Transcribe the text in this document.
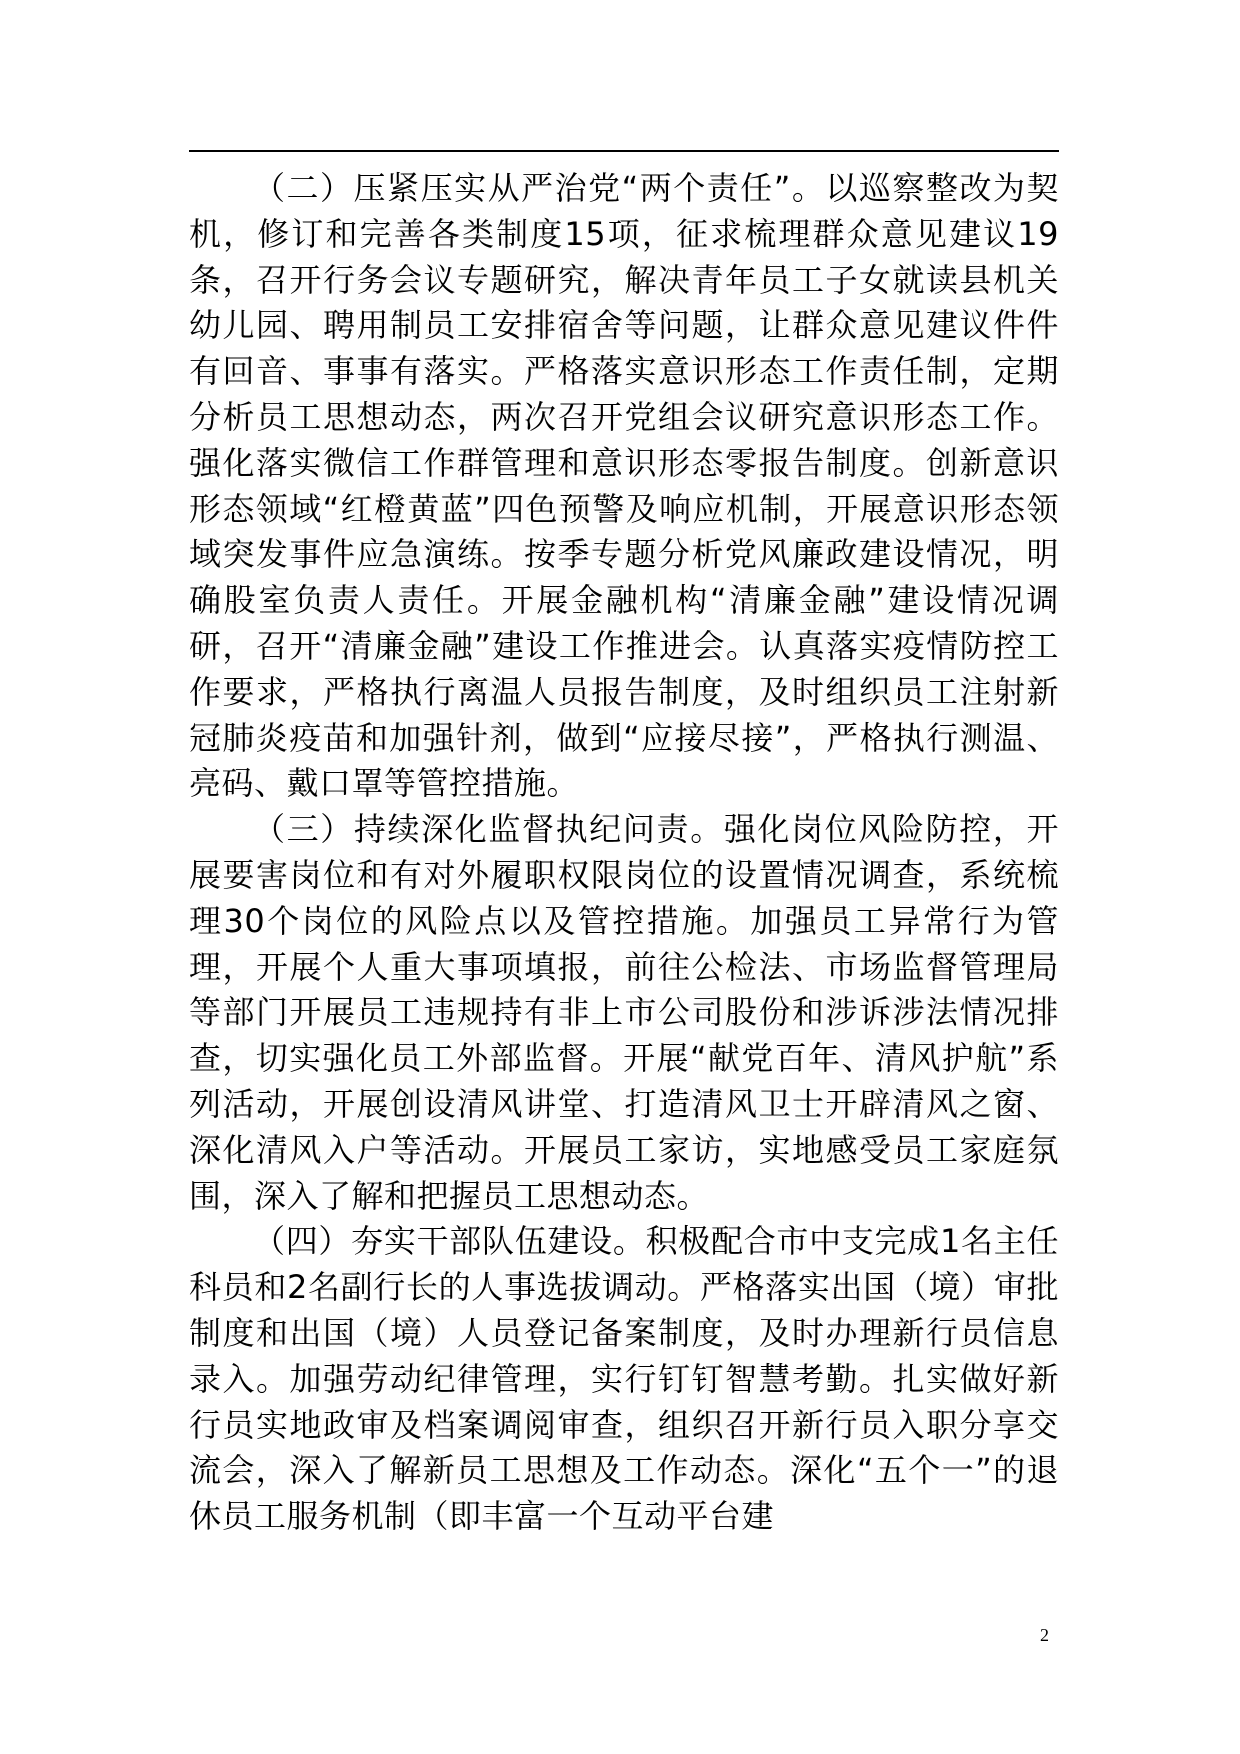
（二）压紧压实从严治党“两个责任”。以巡察整改为契机，修订和完善各类制度15项，征求梳理群众意见建议19条，召开行务会议专题研究，解决青年员工子女就读县机关幼儿园、聘用制员工安排宿舍等问题，让群众意见建议件件有回音、事事有落实。严格落实意识形态工作责任制，定期分析员工思想动态，两次召开党组会议研究意识形态工作。强化落实微信工作群管理和意识形态零报告制度。创新意识形态领域“红橙黄蓝”四色预警及响应机制，开展意识形态领域突发事件应急演练。按季专题分析党风廉政建设情况，明确股室负责人责任。开展金融机构“清廉金融”建设情况调研，召开“清廉金融”建设工作推进会。认真落实疫情防控工作要求，严格执行离温人员报告制度，及时组织员工注射新冠肺炎疫苗和加强针剂，做到“应接尽接”，严格执行测温、亮码、戴口罩等管控措施。

（三）持续深化监督执纪问责。强化岗位风险防控，开展要害岗位和有对外履职权限岗位的设置情况调查，系统梳理30个岗位的风险点以及管控措施。加强员工异常行为管理，开展个人重大事项填报，前往公检法、市场监督管理局等部门开展员工违规持有非上市公司股份和涉诉涉法情况排查，切实强化员工外部监督。开展“献党百年、清风护航”系列活动，开展创设清风讲堂、打造清风卫士开辟清风之窗、深化清风入户等活动。开展员工家访，实地感受员工家庭氛围，深入了解和把握员工思想动态。

（四）夯实干部队伍建设。积极配合市中支完成1名主任科员和2名副行长的人事选拔调动。严格落实出国（境）审批制度和出国（境）人员登记备案制度，及时办理新行员信息录入。加强劳动纪律管理，实行钉钉智慧考勤。扎实做好新行员实地政审及档案调阅审查，组织召开新行员入职分享交流会，深入了解新员工思想及工作动态。深化“五个一”的退休员工服务机制（即丰富一个互动平台建

2
